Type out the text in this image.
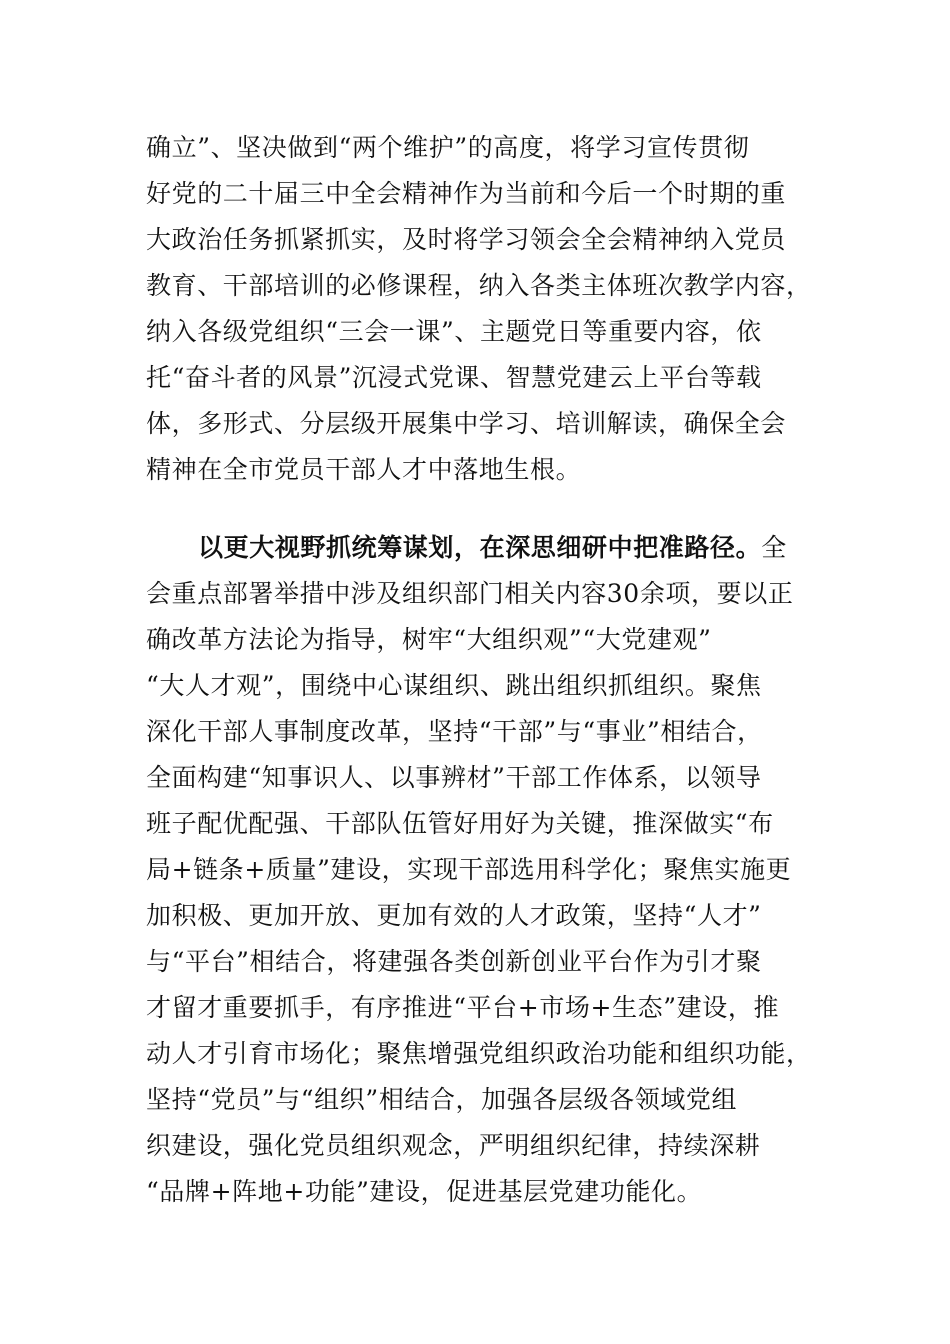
确立”、坚决做到“两个维护”的高度，将学习宣传贯彻
好党的二十届三中全会精神作为当前和今后一个时期的重
大政治任务抓紧抓实，及时将学习领会全会精神纳入党员
教育、干部培训的必修课程，纳入各类主体班次教学内容，
纳入各级党组织“三会一课”、主题党日等重要内容，依
托“奋斗者的风景”沉浸式党课、智慧党建云上平台等载
体，多形式、分层级开展集中学习、培训解读，确保全会
精神在全市党员干部人才中落地生根。
以更大视野抓统筹谋划，在深思细研中把准路径。全
会重点部署举措中涉及组织部门相关内容30余项，要以正
确改革方法论为指导，树牢“大组织观”“大党建观”
“大人才观”，围绕中心谋组织、跳出组织抓组织。聚焦
深化干部人事制度改革，坚持“干部”与“事业”相结合，
全面构建“知事识人、以事辨材”干部工作体系，以领导
班子配优配强、干部队伍管好用好为关键，推深做实“布
局+链条+质量”建设，实现干部选用科学化；聚焦实施更
加积极、更加开放、更加有效的人才政策，坚持“人才”
与“平台”相结合，将建强各类创新创业平台作为引才聚
才留才重要抓手，有序推进“平台+市场+生态”建设，推
动人才引育市场化；聚焦增强党组织政治功能和组织功能，
坚持“党员”与“组织”相结合，加强各层级各领域党组
织建设，强化党员组织观念，严明组织纪律，持续深耕
“品牌+阵地+功能”建设，促进基层党建功能化。
